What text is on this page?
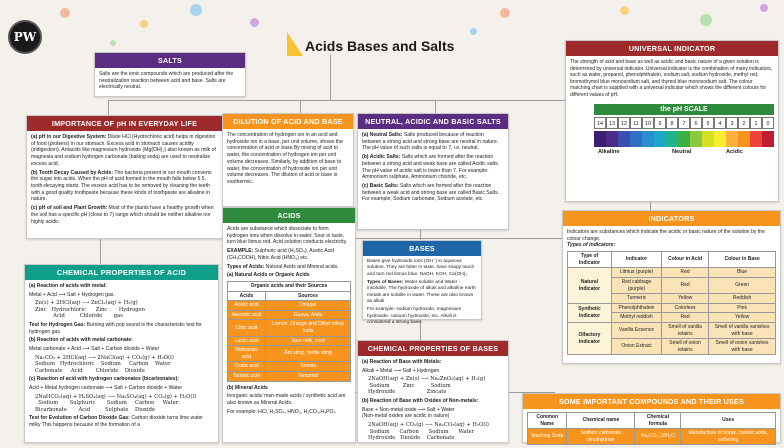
PW
Acids Bases and Salts
SALTS
Salts are the ionic compounds which are produced after the neutralization reaction between acid and base. Salts are electrically neutral.
IMPORTANCE OF pH IN EVERYDAY LIFE

(a) pH in our Digestive System: Dilute HCl (Hydrochloric acid) helps in digestion of food (proteins) in our stomach. Excess acid in stomach causes acidity (indigestion). Antacids like magnesium hydroxide (Mg(OH)₂) also known as milk of magnesia and sodium hydrogen carbonate (baking soda) are used to neutralize excess acid.

(b) Tooth Decay Caused by Acids: The bacteria present in our mouth converts the sugar into acids. When the pH of acid formed in the mouth falls below 5.5, tooth-decaying starts. The excess acid has to be removed by cleaning the teeth with a good quality toothpaste because these kinds of toothpaste are alkaline in nature.

(c) pH of soil and Plant Growth: Most of the plants have a healthy growth when the soil has a specific pH (close to 7) range which should be neither alkaline nor highly acidic.

DILUTION OF ACID AND BASE
The concentration of hydrogen ion in an acid and hydroxide ion in a base, per unit volume, shows the concentration of acid or base.By mixing of acid to water, the concentration of hydrogen ion per unit volume decreases. Similarly, by addition of base to water, the concentration of hydroxide ion per unit volume decreases. The dilution of acid or base is exothermic.
NEUTRAL, ACIDIC AND BASIC SALTS

(a) Neutral Salts: Salts produced because of reaction between a strong acid and strong base are neutral in nature. The pH value of such salts is equal to 7, i.e. neutral.

(b) Acidic Salts: Salts which are formed after the reaction between a strong acid and weak base are called Acidic salts. The pH value of acidic salt is lower than 7. For example: Ammonium sulphate, Ammonium chloride, etc.

(c) Basic Salts: Salts which are formed after the reaction between a weak acid and strong base are called Basic Salts. For example; Sodium carbonate, Sodium acetate, etc.

UNIVERSAL INDICATOR
The strength of acid and base as well as acidic and basic nature of a given solution is determined by universal indicator. Universal indicator is the combination of many indicators, such as water, propanol, phenolphthalein, sodium salt, sodium hydroxide, methyl red, bromothymol blue monosodium salt, and thymol blue monosodium salt. The colour matching chart is supplied with a universal indicator which shows the different colours for different values of pH.
the pH SCALE
14	13	12	11	10	9	8	7	6	5	4	3	2	1	0
Alkaline	Neutral	Acidic
ACIDS

Acids are substance which dissociate to form hydrogen ions when dissolve in water. Sour in taste, turn blue litmus red. Acid solution conducts electricity.

EXAMPLE: Sulphuric acid (H₂SO₄), Acetic Acid (CH₃COOH), Nitric Acid (HNO₃) etc.

Types of Acids: Natural Acids and Mineral acids.

(a) Natural Acids or Organic Acids

Organic acids and their Sources	
Acids	Sources
Acetic acid	Vinegar
Ascorbic acid	Guava, Amla
Citric acid	Lemon, Orange and Other citrus fruits
Lactic acid	Sour milk, curd
Methanoic acid	Ant sting, Nettle sting
Oxalic acid	Tomato
Tartaric acid	Tamarind

(b) Mineral Acids

Inorganic acids/ man-made acids / synthetic acid are also known as Mineral Acids.

For example: HCl, H₂SO₄, HNO₃, H₂CO₃,H₃PO₄

BASES

Bases give hydroxide ions (OH⁻) in aqueous solution. They are bitter in taste, have soapy touch and turn red litmus blue. NaOH, KOH, Ca(OH)₂

Types of Bases: Water soluble and Water - insoluble. The hydroxide of alkali and alkaline earth metals are soluble in water. These are also known as alkali.

For example: sodium hydroxide, magnesium hydroxide, calcium hydroxide, etc. Alkali is considered a strong base.

CHEMICAL PROPERTIES OF BASES

(a) Reaction of Base with Metals:

Alkali + Metal ⟶ Salt + Hydrogen

2NaOH(aq) + Zn(s) ⟶ Na₂ZnO₂(aq) + H₂(g)
Sodium        Zinc          Sodium
Hydroxide                   Zincate

(b) Reaction of Base with Oxides of Non-metals:

Base + Non-metal oxide ⟶ Salt + Water

(Non-metal oxides are acidic in nature)

2NaOH(aq) + CO₂(g) ⟶ Na₂CO₃(aq) + H₂O(l)
Sodium      Carbon      Sodium      Water
Hydroxide   Dioxide    Carbonate
CHEMICAL PROPERTIES OF ACID

(a) Reaction of acids with metal:

Metal + Acid ⟶ Salt + Hydrogen gas.

Zn(s) + 2HCl(aq) ⟶ ZnCl₂(aq) + H₂(g)
Zinc   Hydrochloric      Zinc       Hydrogen
Acid         Chloride       gas

Test for Hydrogen Gas: Burning with pop sound is the characteristic test for hydrogen gas.

(b) Reaction of acids with metal carbonate:

Metal carbonate + Acid ⟶ Salt + Carbon dioxide + Water

Na₂CO₃ + 2HCl(aq) ⟶ 2NaCl(aq) + CO₂(g) + H₂O(l)
Sodium   Hydrochloric    Sodium     Carbon    Water
Carbonate     Acid        Chloride    Dioxide

(c) Reaction of acid with hydrogen carbonates (bicarbonates):

Acid + Metal hydrogen carbonate ⟶ Salt + Carbon dioxide + Water

2NaHCO₃(aq) + H₂SO₄(aq) ⟶ Na₂SO₄(aq) + CO₂(g) + H₂O(l)
Sodium       Sulphuric       Sodium     Carbon     Water
Bicarbonate       Acid         Sulphate    Dioxide

Test for Evolution of Carbon Dioxide Gas: Carbon dioxide turns lime water milky This happens because of the formation of a

INDICATORS

Indicators are substances which indicate the acidic or basic nature of the solution by the colour change.

Types of indicators:

Type of Indicator	Indicator	Colour in Acid	Colour in Base
Natural Indicator	Litmus (purple)	Red	Blue
	Red cabbage (purple)	Red	Green
	Turmeric	Yellow	Reddish
Synthetic Indicator	Phenolphthalein	Colorless	Pink
	Methyl reddish	Red	Yellow
Olfactory Indicator	Vanilla Essence	Smell of vanilla retains	Smell of vanilla vanishes with base
	Onion Extract	Smell of onion retains	Smell of onion vanishes with base
SOME IMPORTANT COMPOUNDS AND THEIR USES
Common Name	Chemical name	Chemical formula	Uses
Washing Soda	Sodium carbonate decahydrate	Na₂CO₃.10H₂O	Manufacture of borax, caustic soda, softening
